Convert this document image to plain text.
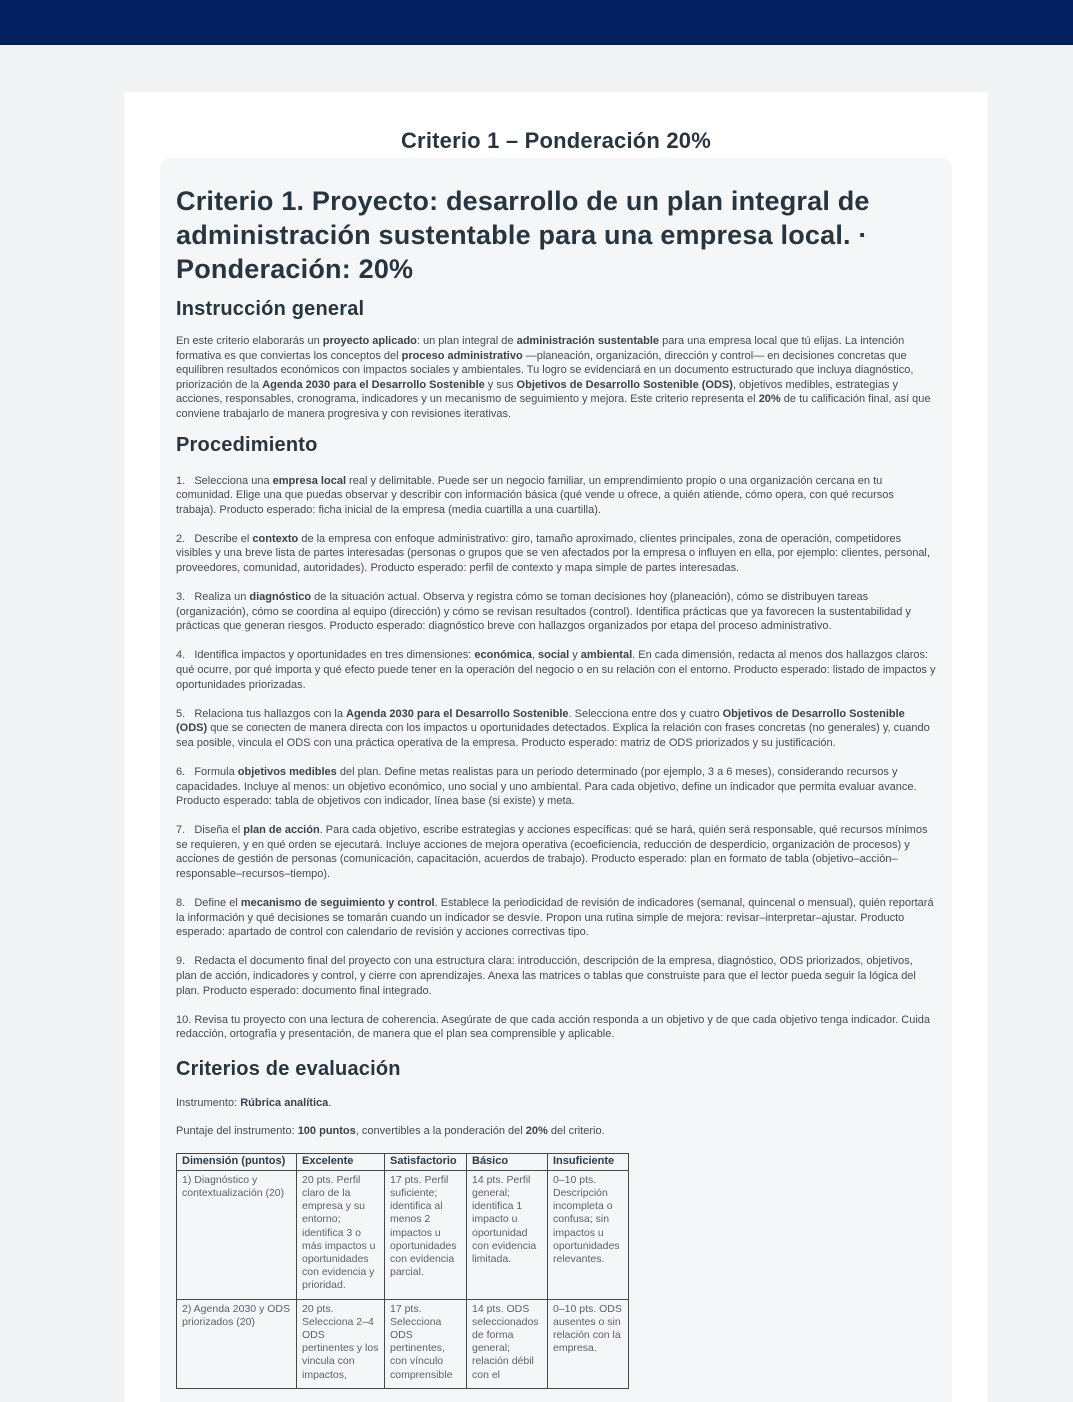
Criterio 1 – Ponderación 20%
Criterio 1. Proyecto: desarrollo de un plan integral de administración sustentable para una empresa local. · Ponderación: 20%
Instrucción general

En este criterio elaborarás un proyecto aplicado: un plan integral de administración sustentable para una empresa local que tú elijas. La intención formativa es que conviertas los conceptos del proceso administrativo —planeación, organización, dirección y control— en decisiones concretas que equilibren resultados económicos con impactos sociales y ambientales. Tu logro se evidenciará en un documento estructurado que incluya diagnóstico, priorización de la Agenda 2030 para el Desarrollo Sostenible y sus Objetivos de Desarrollo Sostenible (ODS), objetivos medibles, estrategias y acciones, responsables, cronograma, indicadores y un mecanismo de seguimiento y mejora. Este criterio representa el 20% de tu calificación final, así que conviene trabajarlo de manera progresiva y con revisiones iterativas.

Procedimiento

1.   Selecciona una empresa local real y delimitable. Puede ser un negocio familiar, un emprendimiento propio o una organización cercana en tu comunidad. Elige una que puedas observar y describir con información básica (qué vende u ofrece, a quién atiende, cómo opera, con qué recursos trabaja). Producto esperado: ficha inicial de la empresa (media cuartilla a una cuartilla).

2.   Describe el contexto de la empresa con enfoque administrativo: giro, tamaño aproximado, clientes principales, zona de operación, competidores visibles y una breve lista de partes interesadas (personas o grupos que se ven afectados por la empresa o influyen en ella, por ejemplo: clientes, personal, proveedores, comunidad, autoridades). Producto esperado: perfil de contexto y mapa simple de partes interesadas.

3.   Realiza un diagnóstico de la situación actual. Observa y registra cómo se toman decisiones hoy (planeación), cómo se distribuyen tareas (organización), cómo se coordina al equipo (dirección) y cómo se revisan resultados (control). Identifica prácticas que ya favorecen la sustentabilidad y prácticas que generan riesgos. Producto esperado: diagnóstico breve con hallazgos organizados por etapa del proceso administrativo.

4.   Identifica impactos y oportunidades en tres dimensiones: económica, social y ambiental. En cada dimensión, redacta al menos dos hallazgos claros: qué ocurre, por qué importa y qué efecto puede tener en la operación del negocio o en su relación con el entorno. Producto esperado: listado de impactos y oportunidades priorizadas.

5.   Relaciona tus hallazgos con la Agenda 2030 para el Desarrollo Sostenible. Selecciona entre dos y cuatro Objetivos de Desarrollo Sostenible (ODS) que se conecten de manera directa con los impactos u oportunidades detectados. Explica la relación con frases concretas (no generales) y, cuando sea posible, vincula el ODS con una práctica operativa de la empresa. Producto esperado: matriz de ODS priorizados y su justificación.

6.   Formula objetivos medibles del plan. Define metas realistas para un periodo determinado (por ejemplo, 3 a 6 meses), considerando recursos y capacidades. Incluye al menos: un objetivo económico, uno social y uno ambiental. Para cada objetivo, define un indicador que permita evaluar avance. Producto esperado: tabla de objetivos con indicador, línea base (si existe) y meta.

7.   Diseña el plan de acción. Para cada objetivo, escribe estrategias y acciones específicas: qué se hará, quién será responsable, qué recursos mínimos se requieren, y en qué orden se ejecutará. Incluye acciones de mejora operativa (ecoeficiencia, reducción de desperdicio, organización de procesos) y acciones de gestión de personas (comunicación, capacitación, acuerdos de trabajo). Producto esperado: plan en formato de tabla (objetivo–acción–responsable–recursos–tiempo).

8.   Define el mecanismo de seguimiento y control. Establece la periodicidad de revisión de indicadores (semanal, quincenal o mensual), quién reportará la información y qué decisiones se tomarán cuando un indicador se desvíe. Propon una rutina simple de mejora: revisar–interpretar–ajustar. Producto esperado: apartado de control con calendario de revisión y acciones correctivas tipo.

9.   Redacta el documento final del proyecto con una estructura clara: introducción, descripción de la empresa, diagnóstico, ODS priorizados, objetivos, plan de acción, indicadores y control, y cierre con aprendizajes. Anexa las matrices o tablas que construiste para que el lector pueda seguir la lógica del plan. Producto esperado: documento final integrado.

10. Revisa tu proyecto con una lectura de coherencia. Asegúrate de que cada acción responda a un objetivo y de que cada objetivo tenga indicador. Cuida redacción, ortografía y presentación, de manera que el plan sea comprensible y aplicable.

Criterios de evaluación

Instrumento: Rúbrica analítica.

Puntaje del instrumento: 100 puntos, convertibles a la ponderación del 20% del criterio.

Dimensión (puntos)	Excelente	Satisfactorio	Básico	Insuficiente
1) Diagnóstico y contextualización (20)	20 pts. Perfil claro de la empresa y su entorno; identifica 3 o más impactos u oportunidades con evidencia y prioridad.	17 pts. Perfil suficiente; identifica al menos 2 impactos u oportunidades con evidencia parcial.	14 pts. Perfil general; identifica 1 impacto u oportunidad con evidencia limitada.	0–10 pts. Descripción incompleta o confusa; sin impactos u oportunidades relevantes.
2) Agenda 2030 y ODS priorizados (20)	20 pts. Selecciona 2–4 ODS pertinentes y los vincula con impactos,	17 pts. Selecciona ODS pertinentes, con vínculo comprensible	14 pts. ODS seleccionados de forma general; relación débil con el	0–10 pts. ODS ausentes o sin relación con la empresa.
